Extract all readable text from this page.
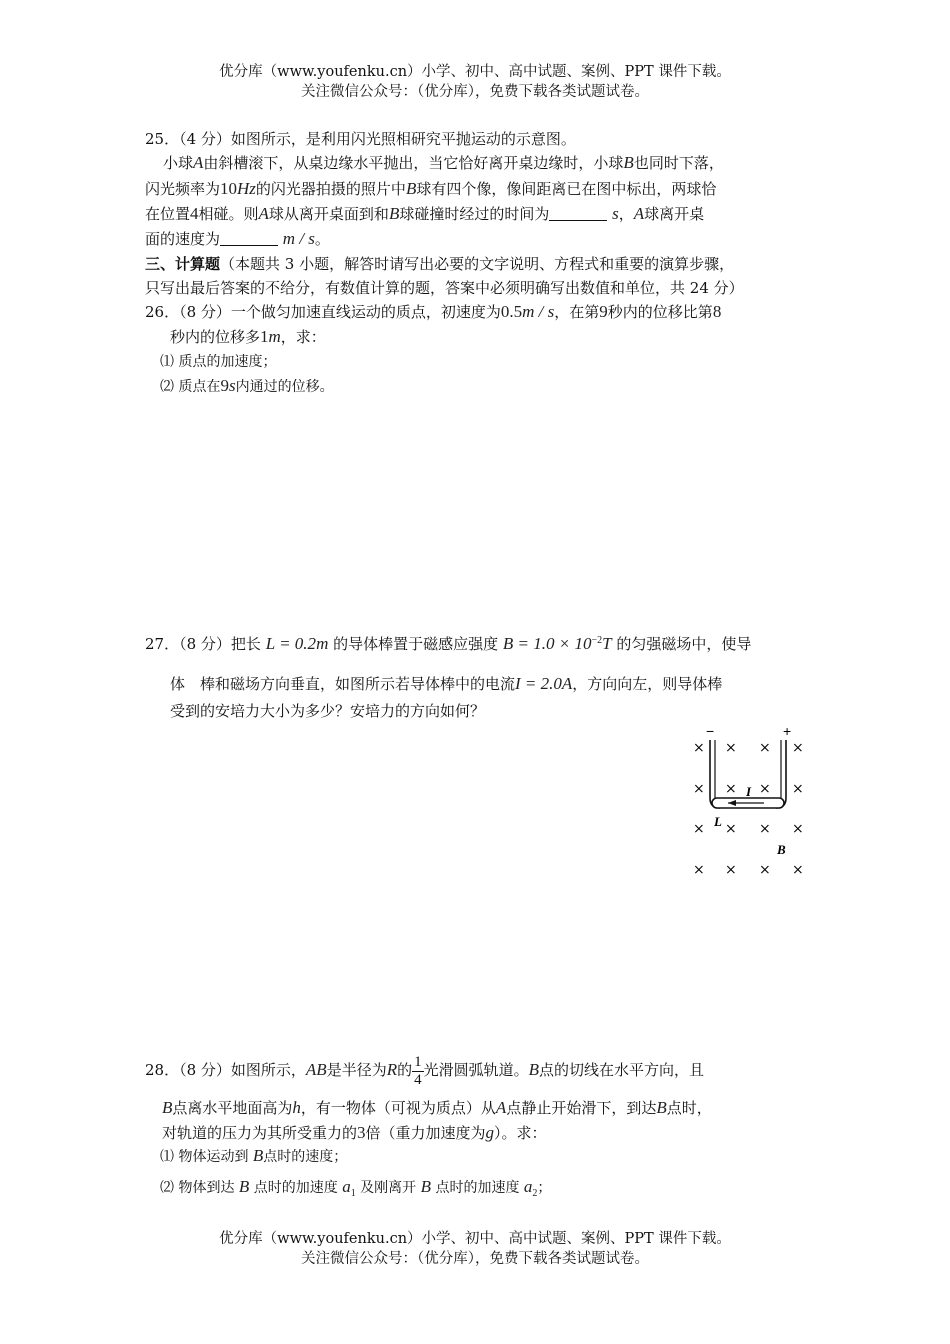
优分库（www.youfenku.cn）小学、初中、高中试题、案例、PPT 课件下载。
关注微信公众号：（优分库），免费下载各类试题试卷。
25．（4 分）如图所示，是利用闪光照相研究平抛运动的示意图。
小球A由斜槽滚下，从桌边缘水平抛出，当它恰好离开桌边缘时，小球B也同时下落，
闪光频率为10Hz的闪光器拍摄的照片中B球有四个像，像间距离已在图中标出，两球恰
在位置4相碰。则A球从离开桌面到和B球碰撞时经过的时间为	s，A球离开桌
面的速度为	m / s。
三、计算题（本题共 3 小题，解答时请写出必要的文字说明、方程式和重要的演算步骤，
只写出最后答案的不给分，有数值计算的题，答案中必须明确写出数值和单位，共 24 分）
26．（8 分）一个做匀加速直线运动的质点，初速度为0.5m / s，在第9秒内的位移比第8
秒内的位移多1m，求：
⑴ 质点的加速度；
⑵ 质点在9s内通过的位移。
27．（8 分）把长 L = 0.2m 的导体棒置于磁感应强度 $B = 1.0 \times 10^{-2}T$ 的匀强磁场中，使导
体　棒和磁场方向垂直，如图所示若导体棒中的电流I = 2.0A，方向向左，则导体棒
受到的安培力大小为多少？安培力的方向如何？
−	+
× × × ×
× × × ×
× × × ×
× × × ×
I
L
B
28．（8 分）如图所示，AB是半径为R的 $\frac{1}{4}$ 光滑圆弧轨道。B点的切线在水平方向，且
B点离水平地面高为h，有一物体（可视为质点）从A点静止开始滑下，到达B点时，
对轨道的压力为其所受重力的3倍（重力加速度为g）。求：
⑴ 物体运动到 B点时的速度；
⑵ 物体到达 B 点时的加速度 $a_1$ 及刚离开 B 点时的加速度 $a_2$；
优分库（www.youfenku.cn）小学、初中、高中试题、案例、PPT 课件下载。
关注微信公众号：（优分库），免费下载各类试题试卷。
